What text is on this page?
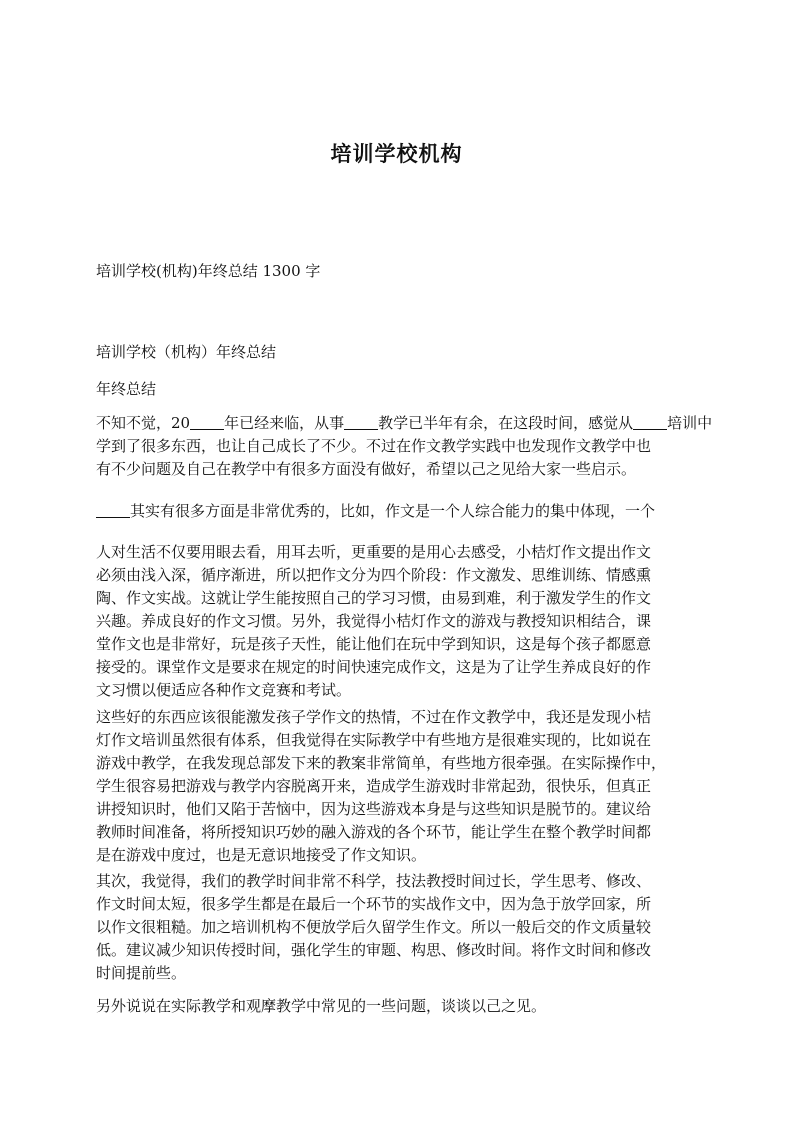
培训学校机构
培训学校(机构)年终总结 1300 字
培训学校（机构）年终总结
年终总结

不知不觉，20 年已经来临，从事 教学已半年有余，在这段时间，感觉从 培训中

学到了很多东西，也让自己成长了不少。不过在作文教学实践中也发现作文教学中也

有不少问题及自己在教学中有很多方面没有做好，希望以己之见给大家一些启示。

其实有很多方面是非常优秀的，比如，作文是一个人综合能力的集中体现，一个

人对生活不仅要用眼去看，用耳去听，更重要的是用心去感受，小桔灯作文提出作文

必须由浅入深，循序渐进，所以把作文分为四个阶段：作文激发、思维训练、情感熏

陶、作文实战。这就让学生能按照自己的学习习惯，由易到难，利于激发学生的作文

兴趣。养成良好的作文习惯。另外，我觉得小桔灯作文的游戏与教授知识相结合，课

堂作文也是非常好，玩是孩子天性，能让他们在玩中学到知识，这是每个孩子都愿意

接受的。课堂作文是要求在规定的时间快速完成作文，这是为了让学生养成良好的作

文习惯以便适应各种作文竞赛和考试。

这些好的东西应该很能激发孩子学作文的热情，不过在作文教学中，我还是发现小桔

灯作文培训虽然很有体系，但我觉得在实际教学中有些地方是很难实现的，比如说在

游戏中教学，在我发现总部发下来的教案非常简单，有些地方很牵强。在实际操作中，

学生很容易把游戏与教学内容脱离开来，造成学生游戏时非常起劲，很快乐，但真正

讲授知识时，他们又陷于苦恼中，因为这些游戏本身是与这些知识是脱节的。建议给

教师时间准备，将所授知识巧妙的融入游戏的各个环节，能让学生在整个教学时间都

是在游戏中度过，也是无意识地接受了作文知识。

其次，我觉得，我们的教学时间非常不科学，技法教授时间过长，学生思考、修改、

作文时间太短，很多学生都是在最后一个环节的实战作文中，因为急于放学回家，所

以作文很粗糙。加之培训机构不便放学后久留学生作文。所以一般后交的作文质量较

低。建议减少知识传授时间，强化学生的审题、构思、修改时间。将作文时间和修改

时间提前些。

另外说说在实际教学和观摩教学中常见的一些问题，谈谈以己之见。
